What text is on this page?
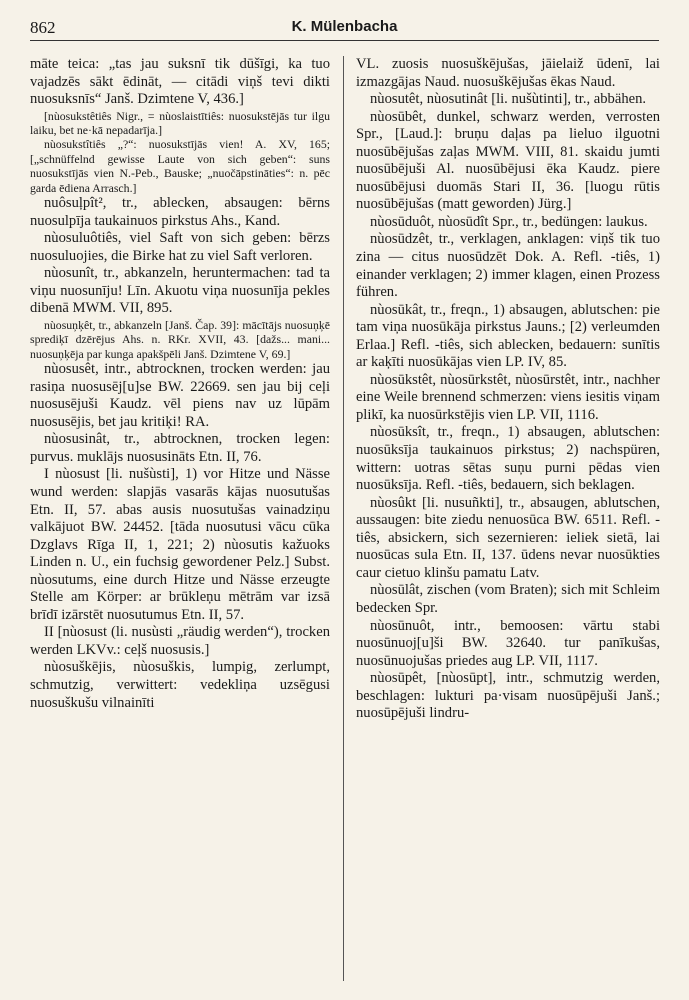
862	K. Mülenbacha

māte teica: „tas jau suksnī tik dūšīgi, ka tuo vajadzēs sākt ēdināt, — citādi viņš tevi dikti nuosuksnīs“ Janš. Dzimtene V, 436.]

[nùosukstêtiês Nigr., = nùoslaistītiês: nuosukstējās tur ilgu laiku, bet ne·kā nepadarīja.]

nùosukstîtiês „?“: nuosukstījās vien! A. XV, 165; [„schnüffelnd gewisse Laute von sich geben“: suns nuosukstījās vien N.-Peb., Bauske; „nuočāpstināties“: n. pēc garda ēdiena Arrasch.]

nuôsuļpît², tr., ablecken, absaugen: bērns nuosulpīja taukainuos pirkstus Ahs., Kand.

nùosuluôtiês, viel Saft von sich geben: bērzs nuosuluojies, die Birke hat zu viel Saft verloren.

nùosunît, tr., abkanzeln, heruntermachen: tad ta viņu nuosunīju! Līn. Akuotu viņa nuosunīja pekles dibenā MWM. VII, 895.

nùosuņķêt, tr., abkanzeln [Janš. Čap. 39]: mācītājs nuosuņķē sprediķī dzērējus Ahs. n. RKr. XVII, 43. [dažs... mani... nuosuņķēja par kunga apakšpēli Janš. Dzimtene V, 69.]

nùosusêt, intr., abtrocknen, trocken werden: jau rasiņa nuosusēj[u]se BW. 22669. sen jau bij ceļi nuosusējuši Kaudz. vēl piens nav uz lūpām nuosusējis, bet jau kritiķi! RA.

nùosusinât, tr., abtrocknen, trocken legen: purvus. muklājs nuosusināts Etn. II, 76.

I nùosust [li. nušùsti], 1) vor Hitze und Nässe wund werden: slapjās vasarās kājas nuosutušas Etn. II, 57. abas ausis nuosutušas vainadziņu valkājuot BW. 24452. [tāda nuosutusi vācu cūka Dzglavs Rīga II, 1, 221; 2) nùosutis kažuoks Linden n. U., ein fuchsig gewordener Pelz.] Subst. nùosutums, eine durch Hitze und Nässe erzeugte Stelle am Körper: ar brūkleņu mētrām var izsā brīdī izārstēt nuosutumus Etn. II, 57.

II [nùosust (li. nusùsti „räudig werden“), trocken werden LKVv.: ceļš nuosusis.]

nùosuškējis, nùosuškis, lumpig, zerlumpt, schmutzig, verwittert: vedekliņa uzsēgusi nuosuškušu vilnainīti

VL. zuosis nuosuškējušas, jāielaiž ūdenī, lai izmazgājas Naud. nuosuškējušas ēkas Naud.

nùosutêt, nùosutinât [li. nušùtinti], tr., abbähen.

nùosūbêt, dunkel, schwarz werden, verrosten Spr., [Laud.]: bruņu daļas pa lieluo ilguotni nuosūbējušas zaļas MWM. VIII, 81. skaidu jumti nuosūbējuši Al. nuosūbējusi ēka Kaudz. piere nuosūbējusi duomās Stari II, 36. [luogu rūtis nuosūbējušas (matt geworden) Jürg.]

nùosūduôt, nùosūdît Spr., tr., bedüngen: laukus.

nùosūdzêt, tr., verklagen, anklagen: viņš tik tuo zina — citus nuosūdzēt Dok. A. Refl. -tiês, 1) einander verklagen; 2) immer klagen, einen Prozess führen.

nùosūkât, tr., freqn., 1) absaugen, ablutschen: pie tam viņa nuosūkāja pirkstus Jauns.; [2) verleumden Erlaa.] Refl. -tiês, sich ablecken, bedauern: sunītis ar kaķīti nuosūkājas vien LP. IV, 85.

nùosūkstêt, nùosūrkstêt, nùosūrstêt, intr., nachher eine Weile brennend schmerzen: viens iesitis viņam plikī, ka nuosūrkstējis vien LP. VII, 1116.

nùosūksît, tr., freqn., 1) absaugen, ablutschen: nuosūksīja taukainuos pirkstus; 2) nachspüren, wittern: uotras sētas suņu purni pēdas vien nuosūksīja. Refl. -tiês, bedauern, sich beklagen.

nùosûkt [li. nusuñkti], tr., absaugen, ablutschen, aussaugen: bite ziedu nenuosūca BW. 6511. Refl. -tiês, absickern, sich sezernieren: ieliek sietā, lai nuosūcas sula Etn. II, 137. ūdens nevar nuosūkties caur cietuo klinšu pamatu Latv.

nùosūlât, zischen (vom Braten); sich mit Schleim bedecken Spr.

nùosūnuôt, intr., bemoosen: vārtu stabi nuosūnuoj[u]ši BW. 32640. tur panīkušas, nuosūnuojušas priedes aug LP. VII, 1117.

nùosūpêt, [nùosūpt], intr., schmutzig werden, beschlagen: lukturi pa·visam nuosūpējuši Janš.; nuosūpējuši lindru-
